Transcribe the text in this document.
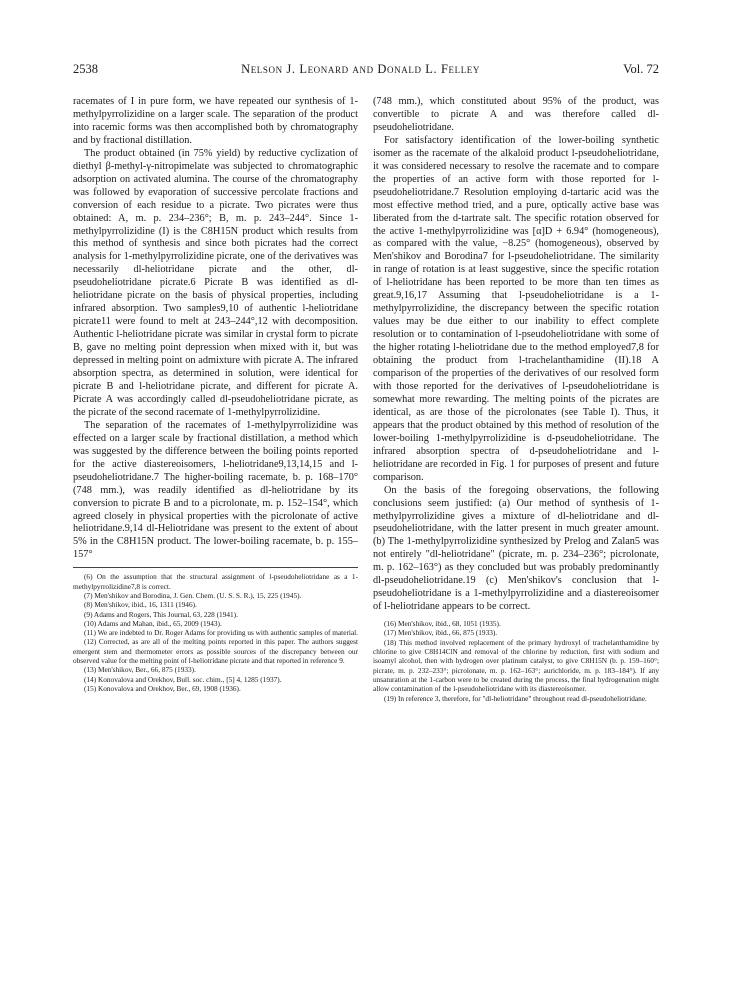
2538	Nelson J. Leonard and Donald L. Felley	Vol. 72

racemates of I in pure form, we have repeated our synthesis of 1-methylpyrrolizidine on a larger scale. The separation of the product into racemic forms was then accomplished both by chromatography and by fractional distillation.

The product obtained (in 75% yield) by reductive cyclization of diethyl β-methyl-γ-nitropimelate was subjected to chromatographic adsorption on activated alumina. The course of the chromatography was followed by evaporation of successive percolate fractions and conversion of each residue to a picrate. Two picrates were thus obtained: A, m. p. 234–236°; B, m. p. 243–244°. Since 1-methylpyrrolizidine (I) is the C8H15N product which results from this method of synthesis and since both picrates had the correct analysis for 1-methylpyrrolizidine picrate, one of the derivatives was necessarily dl-heliotridane picrate and the other, dl-pseudoheliotridane picrate.6 Picrate B was identified as dl-heliotridane picrate on the basis of physical properties, including infrared absorption. Two samples9,10 of authentic l-heliotridane picrate11 were found to melt at 243–244°,12 with decomposition. Authentic l-heliotridane picrate was similar in crystal form to picrate B, gave no melting point depression when mixed with it, but was depressed in melting point on admixture with picrate A. The infrared absorption spectra, as determined in solution, were identical for picrate B and l-heliotridane picrate, and different for picrate A. Picrate A was accordingly called dl-pseudoheliotridane picrate, as the picrate of the second racemate of 1-methylpyrrolizidine.

The separation of the racemates of 1-methylpyrrolizidine was effected on a larger scale by fractional distillation, a method which was suggested by the difference between the boiling points reported for the active diastereoisomers, l-heliotridane9,13,14,15 and l-pseudoheliotridane.7 The higher-boiling racemate, b. p. 168–170° (748 mm.), was readily identified as dl-heliotridane by its conversion to picrate B and to a picrolonate, m. p. 152–154°, which agreed closely in physical properties with the picrolonate of active heliotridane.9,14 dl-Heliotridane was present to the extent of about 5% in the C8H15N product. The lower-boiling racemate, b. p. 155–157°

(6) On the assumption that the structural assignment of l-pseudoheliotridane as a 1-methylpyrrolizidine7,8 is correct.

(7) Men'shikov and Borodina, J. Gen. Chem. (U. S. S. R.), 15, 225 (1945).

(8) Men'shikov, ibid., 16, 1311 (1946).

(9) Adams and Rogers, This Journal, 63, 228 (1941).

(10) Adams and Mahan, ibid., 65, 2009 (1943).

(11) We are indebted to Dr. Roger Adams for providing us with authentic samples of material.

(12) Corrected, as are all of the melting points reported in this paper. The authors suggest emergent stem and thermometer errors as possible sources of the discrepancy between our observed value for the melting point of l-heliotridane picrate and that reported in reference 9.

(13) Men'shikov, Ber., 66, 875 (1933).

(14) Konovalova and Orekhov, Bull. soc. chim., [5] 4, 1285 (1937).

(15) Konovalova and Orekhov, Ber., 69, 1908 (1936).

(748 mm.), which constituted about 95% of the product, was convertible to picrate A and was therefore called dl-pseudoheliotridane.

For satisfactory identification of the lower-boiling synthetic isomer as the racemate of the alkaloid product l-pseudoheliotridane, it was considered necessary to resolve the racemate and to compare the properties of an active form with those reported for l-pseudoheliotridane.7 Resolution employing d-tartaric acid was the most effective method tried, and a pure, optically active base was liberated from the d-tartrate salt. The specific rotation observed for the active 1-methylpyrrolizidine was [α]D + 6.94° (homogeneous), as compared with the value, −8.25° (homogeneous), observed by Men'shikov and Borodina7 for l-pseudoheliotridane. The similarity in range of rotation is at least suggestive, since the specific rotation of l-heliotridane has been reported to be more than ten times as great.9,16,17 Assuming that l-pseudoheliotridane is a 1-methylpyrrolizidine, the discrepancy between the specific rotation values may be due either to our inability to effect complete resolution or to contamination of l-pseudoheliotridane with some of the higher rotating l-heliotridane due to the method employed7,8 for obtaining the product from l-trachelanthamidine (II).18 A comparison of the properties of the derivatives of our resolved form with those reported for the derivatives of l-pseudoheliotridane is somewhat more rewarding. The melting points of the picrates are identical, as are those of the picrolonates (see Table I). Thus, it appears that the product obtained by this method of resolution of the lower-boiling 1-methylpyrrolizidine is d-pseudoheliotridane. The infrared absorption spectra of d-pseudoheliotridane and l-heliotridane are recorded in Fig. 1 for purposes of present and future comparison.

On the basis of the foregoing observations, the following conclusions seem justified: (a) Our method of synthesis of 1-methylpyrrolizidine gives a mixture of dl-heliotridane and dl-pseudoheliotridane, with the latter present in much greater amount. (b) The 1-methylpyrrolizidine synthesized by Prelog and Zalan5 was not entirely "dl-heliotridane" (picrate, m. p. 234–236°; picrolonate, m. p. 162–163°) as they concluded but was probably predominantly dl-pseudoheliotridane.19 (c) Men'shikov's conclusion that l-pseudoheliotridane is a 1-methylpyrrolizidine and a diastereoisomer of l-heliotridane appears to be correct.

(16) Men'shikov, ibid., 68, 1051 (1935).

(17) Men'shikov, ibid., 66, 875 (1933).

(18) This method involved replacement of the primary hydroxyl of trachelanthamidine by chlorine to give C8H14ClN and removal of the chlorine by reduction, first with sodium and isoamyl alcohol, then with hydrogen over platinum catalyst, to give C8H15N (b. p. 159–160°; picrate, m. p. 232–233°; picrolonate, m. p. 162–163°; aurichloride, m. p. 183–184°). If any unsaturation at the 1-carbon were to be created during the process, the final hydrogenation might allow contamination of the l-pseudoheliotridane with its diastereoisomer.

(19) In reference 3, therefore, for "dl-heliotridane" throughout read dl-pseudoheliotridane.
